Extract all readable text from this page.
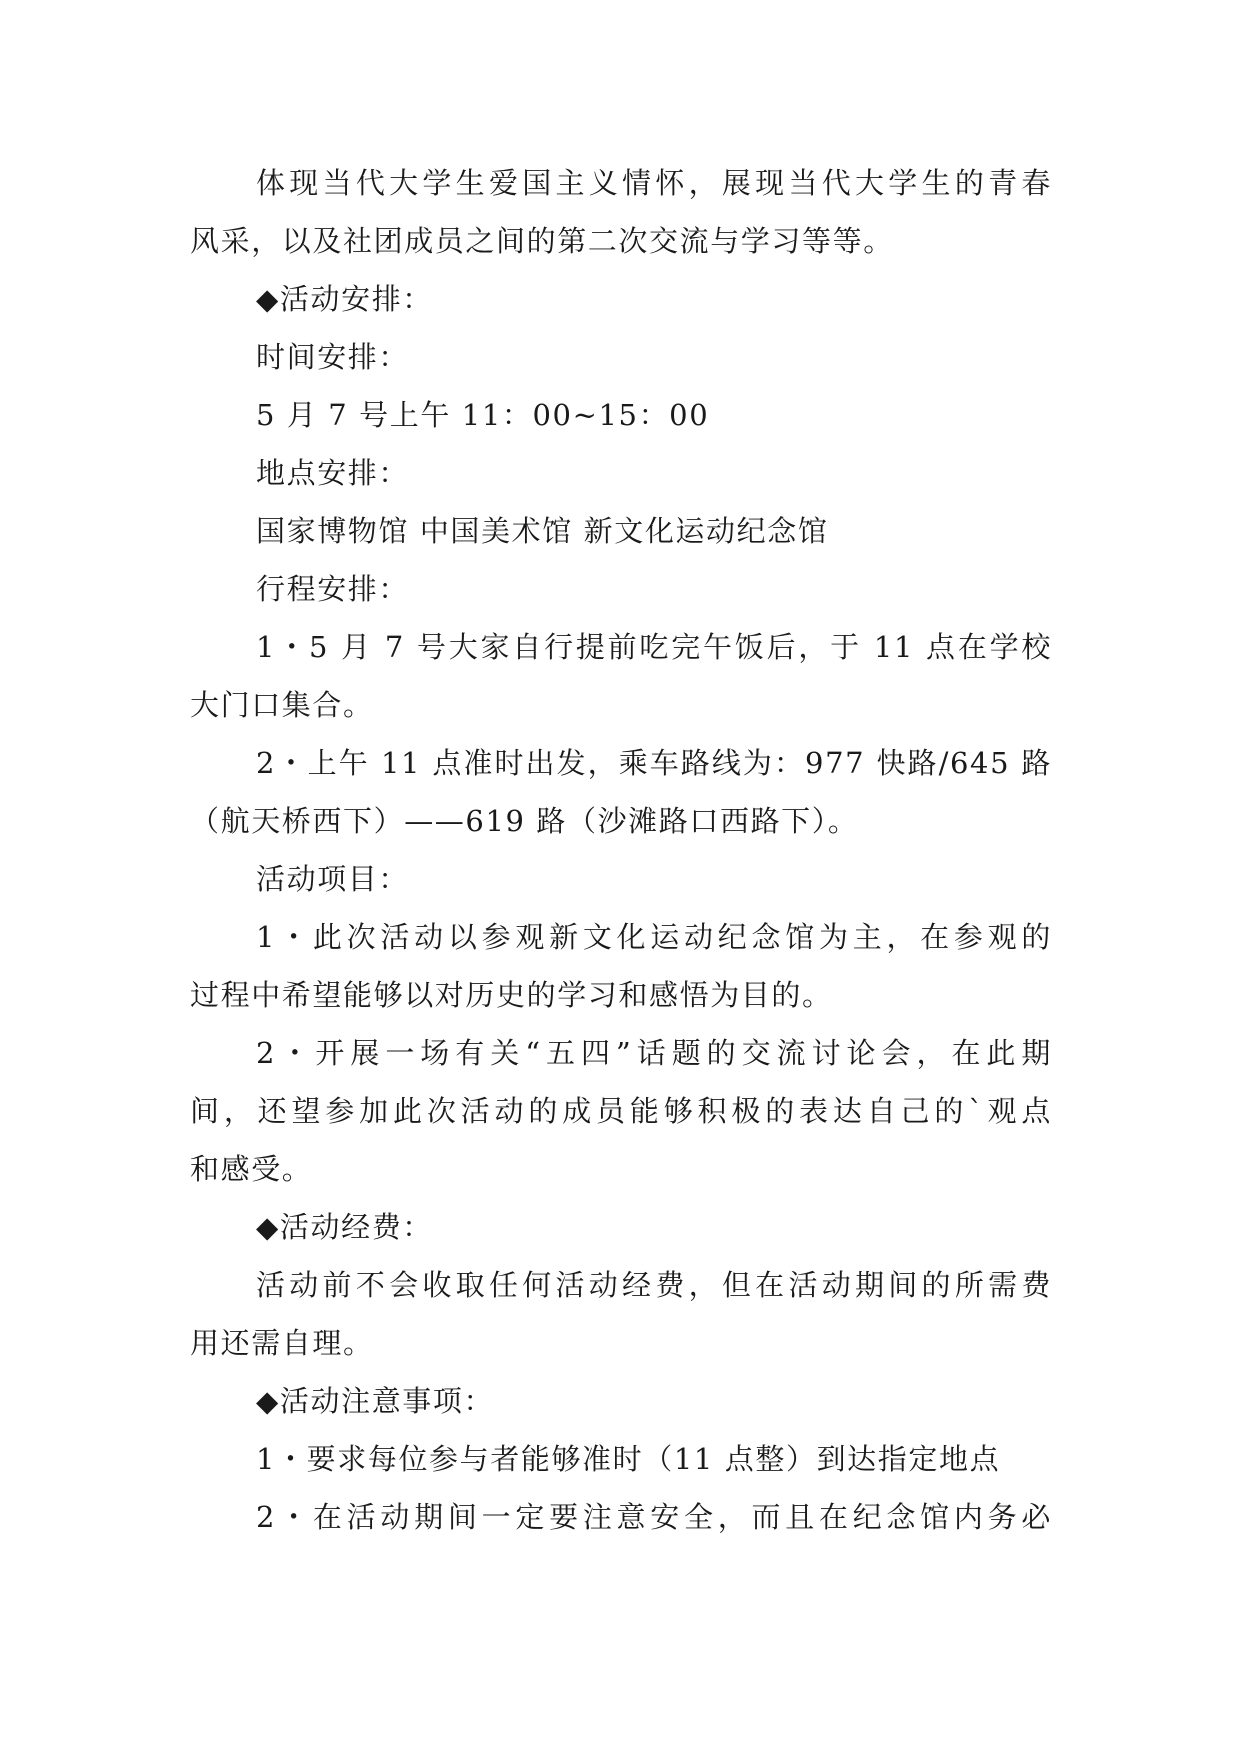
体现当代大学生爱国主义情怀，展现当代大学生的青春

风采，以及社团成员之间的第二次交流与学习等等。

◆活动安排：

时间安排：

5 月 7 号上午 11：00~15：00

地点安排：

国家博物馆 中国美术馆 新文化运动纪念馆

行程安排：

1・5 月 7 号大家自行提前吃完午饭后，于 11 点在学校

大门口集合。

2・上午 11 点准时出发，乘车路线为：977 快路/645 路

（航天桥西下）——619 路（沙滩路口西路下）。

活动项目：

1・此次活动以参观新文化运动纪念馆为主，在参观的

过程中希望能够以对历史的学习和感悟为目的。

2・开展一场有关“五四”话题的交流讨论会，在此期

间，还望参加此次活动的成员能够积极的表达自己的`观点

和感受。

◆活动经费：

活动前不会收取任何活动经费，但在活动期间的所需费

用还需自理。

◆活动注意事项：

1・要求每位参与者能够准时（11 点整）到达指定地点

2・在活动期间一定要注意安全，而且在纪念馆内务必
